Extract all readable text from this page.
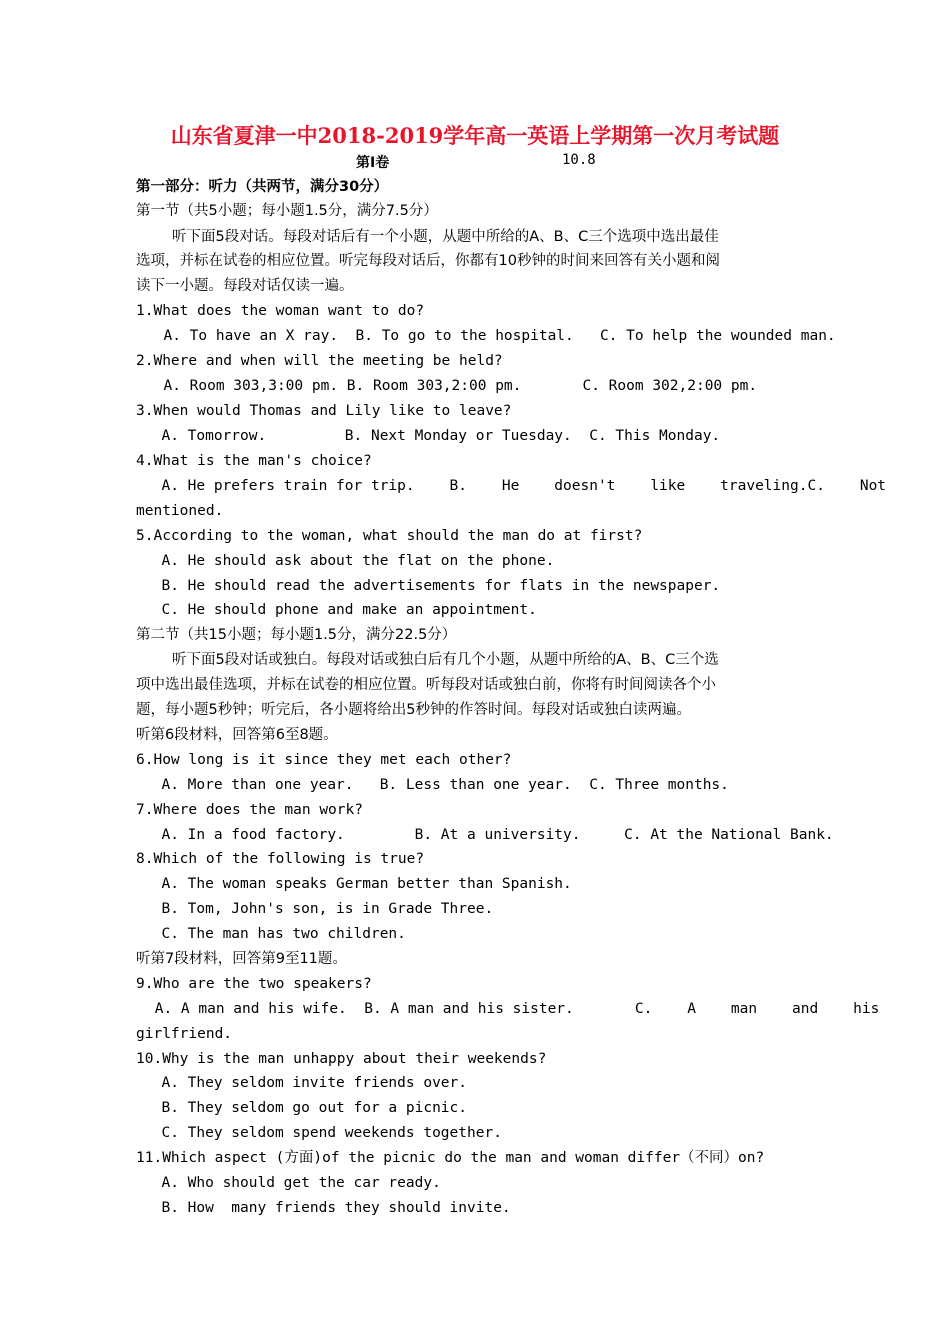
山东省夏津一中2018-2019学年高一英语上学期第一次月考试题
第Ⅰ卷	10.8
第一部分：听力（共两节，满分30分）
第一节（共5小题；每小题1.5分，满分7.5分）
听下面5段对话。每段对话后有一个小题，从题中所给的A、B、C三个选项中选出最佳
选项，并标在试卷的相应位置。听完每段对话后，你都有10秒钟的时间来回答有关小题和阅
读下一小题。每段对话仅读一遍。
1.What does the woman want to do?
A. To have an X ray.  B. To go to the hospital.   C. To help the wounded man.
2.Where and when will the meeting be held?
A. Room 303,3:00 pm. B. Room 303,2:00 pm.       C. Room 302,2:00 pm.
3.When would Thomas and Lily like to leave?
A. Tomorrow.         B. Next Monday or Tuesday.  C. This Monday.
4.What is the man's choice?
A. He prefers train for trip.    B.    He    doesn't    like    traveling.C.    Not
mentioned.
5.According to the woman, what should the man do at first?
A. He should ask about the flat on the phone.
B. He should read the advertisements for flats in the newspaper.
C. He should phone and make an appointment.
第二节（共15小题；每小题1.5分，满分22.5分）
听下面5段对话或独白。每段对话或独白后有几个小题，从题中所给的A、B、C三个选
项中选出最佳选项，并标在试卷的相应位置。听每段对话或独白前，你将有时间阅读各个小
题，每小题5秒钟；听完后，各小题将给出5秒钟的作答时间。每段对话或独白读两遍。
听第6段材料，回答第6至8题。
6.How long is it since they met each other?
A. More than one year.   B. Less than one year.  C. Three months.
7.Where does the man work?
A. In a food factory.        B. At a university.     C. At the National Bank.
8.Which of the following is true?
A. The woman speaks German better than Spanish.
B. Tom, John's son, is in Grade Three.
C. The man has two children.
听第7段材料，回答第9至11题。
9.Who are the two speakers?
A. A man and his wife.  B. A man and his sister.       C.    A    man    and    his
girlfriend.
10.Why is the man unhappy about their weekends?
A. They seldom invite friends over.
B. They seldom go out for a picnic.
C. They seldom spend weekends together.
11.Which aspect (方面)of the picnic do the man and woman differ（不同）on?
A. Who should get the car ready.
B. How  many friends they should invite.
